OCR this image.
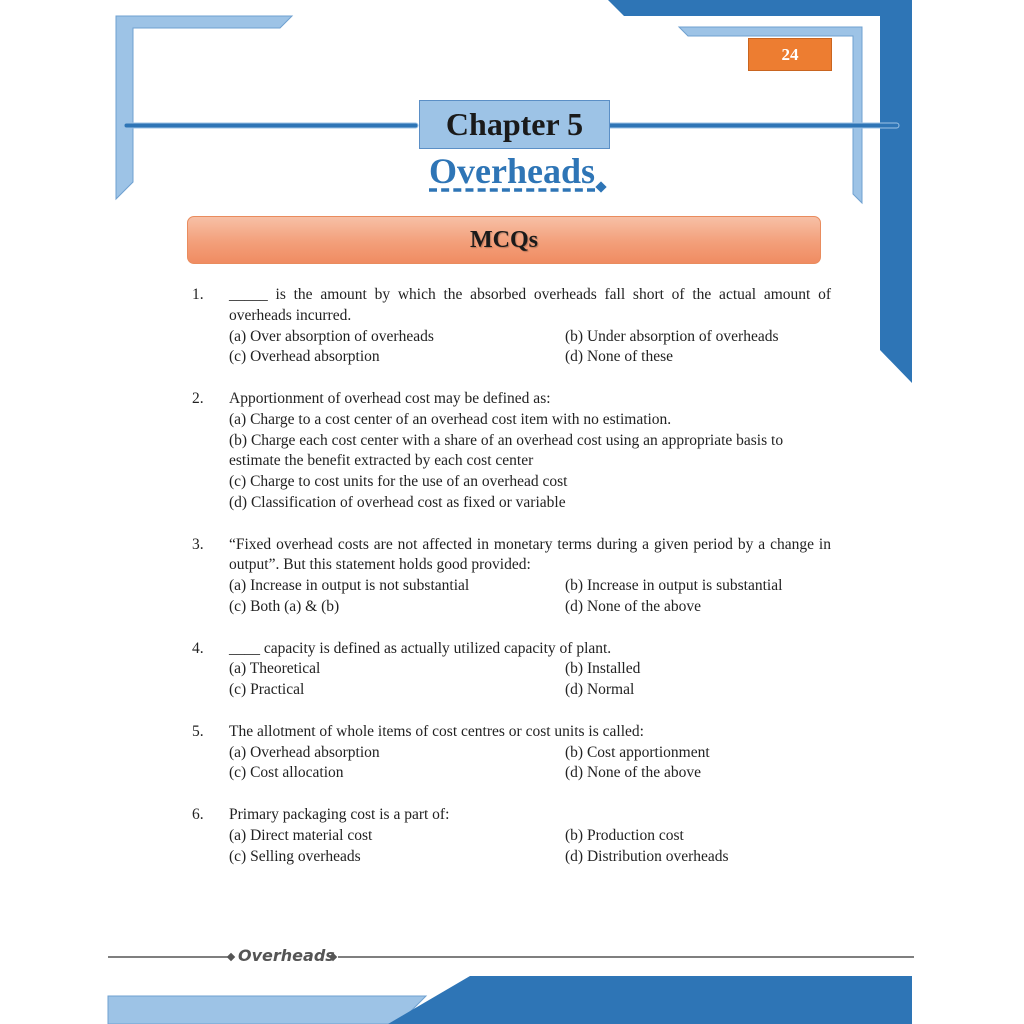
24
Chapter 5
Overheads
MCQs
1. _____ is the amount by which the absorbed overheads fall short of the actual amount of overheads incurred.
(a) Over absorption of overheads	(b) Under absorption of overheads
(c) Overhead absorption	(d) None of these
2. Apportionment of overhead cost may be defined as:
(a) Charge to a cost center of an overhead cost item with no estimation.
(b) Charge each cost center with a share of an overhead cost using an appropriate basis to estimate the benefit extracted by each cost center
(c) Charge to cost units for the use of an overhead cost
(d) Classification of overhead cost as fixed or variable
3. “Fixed overhead costs are not affected in monetary terms during a given period by a change in output”. But this statement holds good provided:
(a) Increase in output is not substantial	(b) Increase in output is substantial
(c) Both (a) & (b)	(d) None of the above
4. ____ capacity is defined as actually utilized capacity of plant.
(a) Theoretical	(b) Installed
(c) Practical	(d) Normal
5. The allotment of whole items of cost centres or cost units is called:
(a) Overhead absorption	(b) Cost apportionment
(c) Cost allocation	(d) None of the above
6. Primary packaging cost is a part of:
(a) Direct material cost	(b) Production cost
(c) Selling overheads	(d) Distribution overheads
Overheads
